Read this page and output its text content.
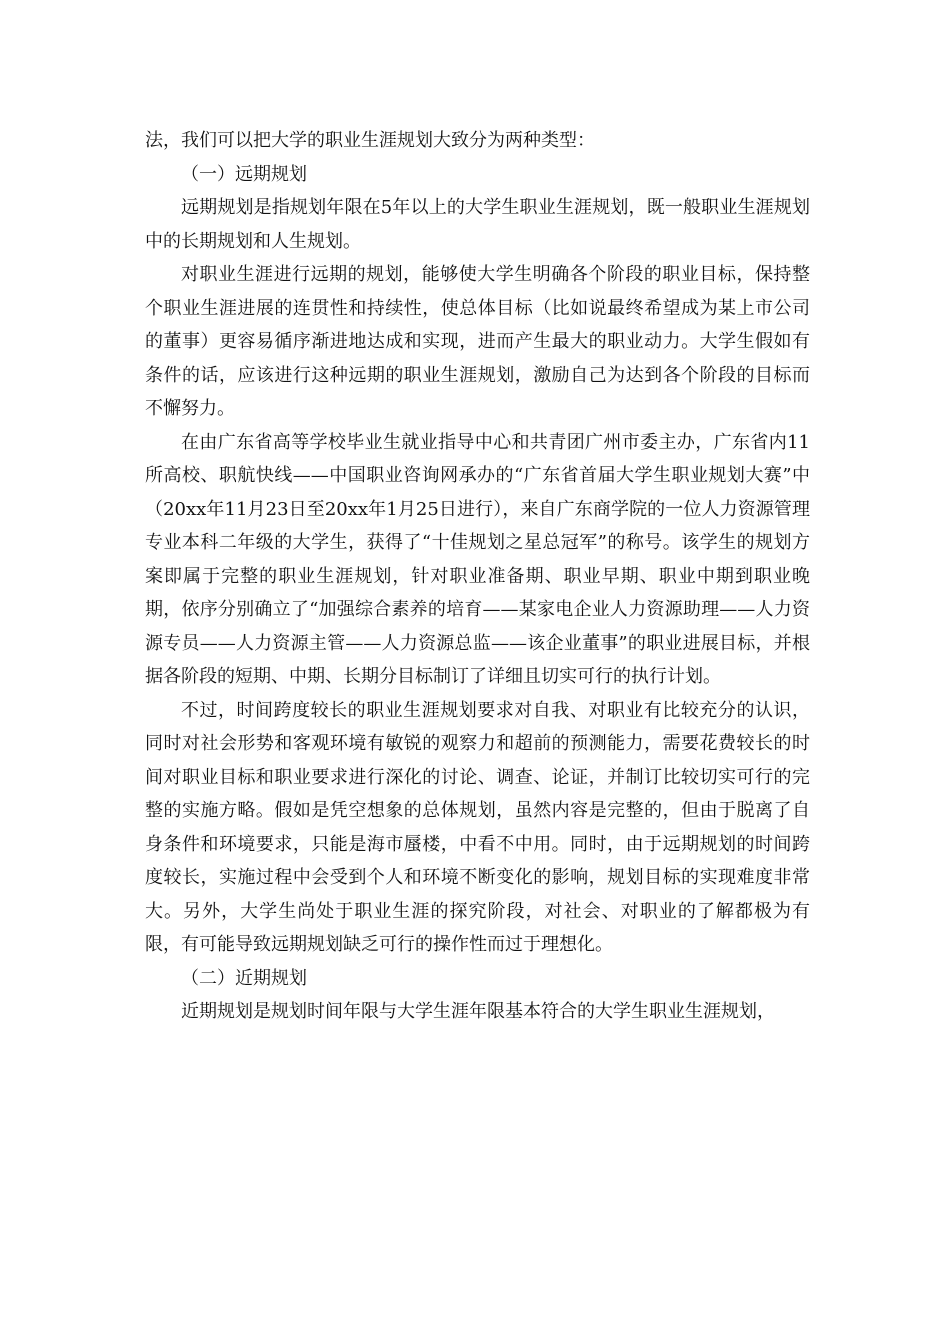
法，我们可以把大学的职业生涯规划大致分为两种类型：

（一）远期规划

远期规划是指规划年限在5年以上的大学生职业生涯规划，既一般职业生涯规划中的长期规划和人生规划。

对职业生涯进行远期的规划，能够使大学生明确各个阶段的职业目标，保持整个职业生涯进展的连贯性和持续性，使总体目标（比如说最终希望成为某上市公司的董事）更容易循序渐进地达成和实现，进而产生最大的职业动力。大学生假如有条件的话，应该进行这种远期的职业生涯规划，激励自己为达到各个阶段的目标而不懈努力。

在由广东省高等学校毕业生就业指导中心和共青团广州市委主办，广东省内11所高校、职航快线——中国职业咨询网承办的“广东省首届大学生职业规划大赛”中（20xx年11月23日至20xx年1月25日进行），来自广东商学院的一位人力资源管理专业本科二年级的大学生，获得了“十佳规划之星总冠军”的称号。该学生的规划方案即属于完整的职业生涯规划，针对职业准备期、职业早期、职业中期到职业晚期，依序分别确立了“加强综合素养的培育——某家电企业人力资源助理——人力资源专员——人力资源主管——人力资源总监——该企业董事”的职业进展目标，并根据各阶段的短期、中期、长期分目标制订了详细且切实可行的执行计划。

不过，时间跨度较长的职业生涯规划要求对自我、对职业有比较充分的认识，同时对社会形势和客观环境有敏锐的观察力和超前的预测能力，需要花费较长的时间对职业目标和职业要求进行深化的讨论、调查、论证，并制订比较切实可行的完整的实施方略。假如是凭空想象的总体规划，虽然内容是完整的，但由于脱离了自身条件和环境要求，只能是海市蜃楼，中看不中用。同时，由于远期规划的时间跨度较长，实施过程中会受到个人和环境不断变化的影响，规划目标的实现难度非常大。另外，大学生尚处于职业生涯的探究阶段，对社会、对职业的了解都极为有限，有可能导致远期规划缺乏可行的操作性而过于理想化。

（二）近期规划

近期规划是规划时间年限与大学生涯年限基本符合的大学生职业生涯规划，
